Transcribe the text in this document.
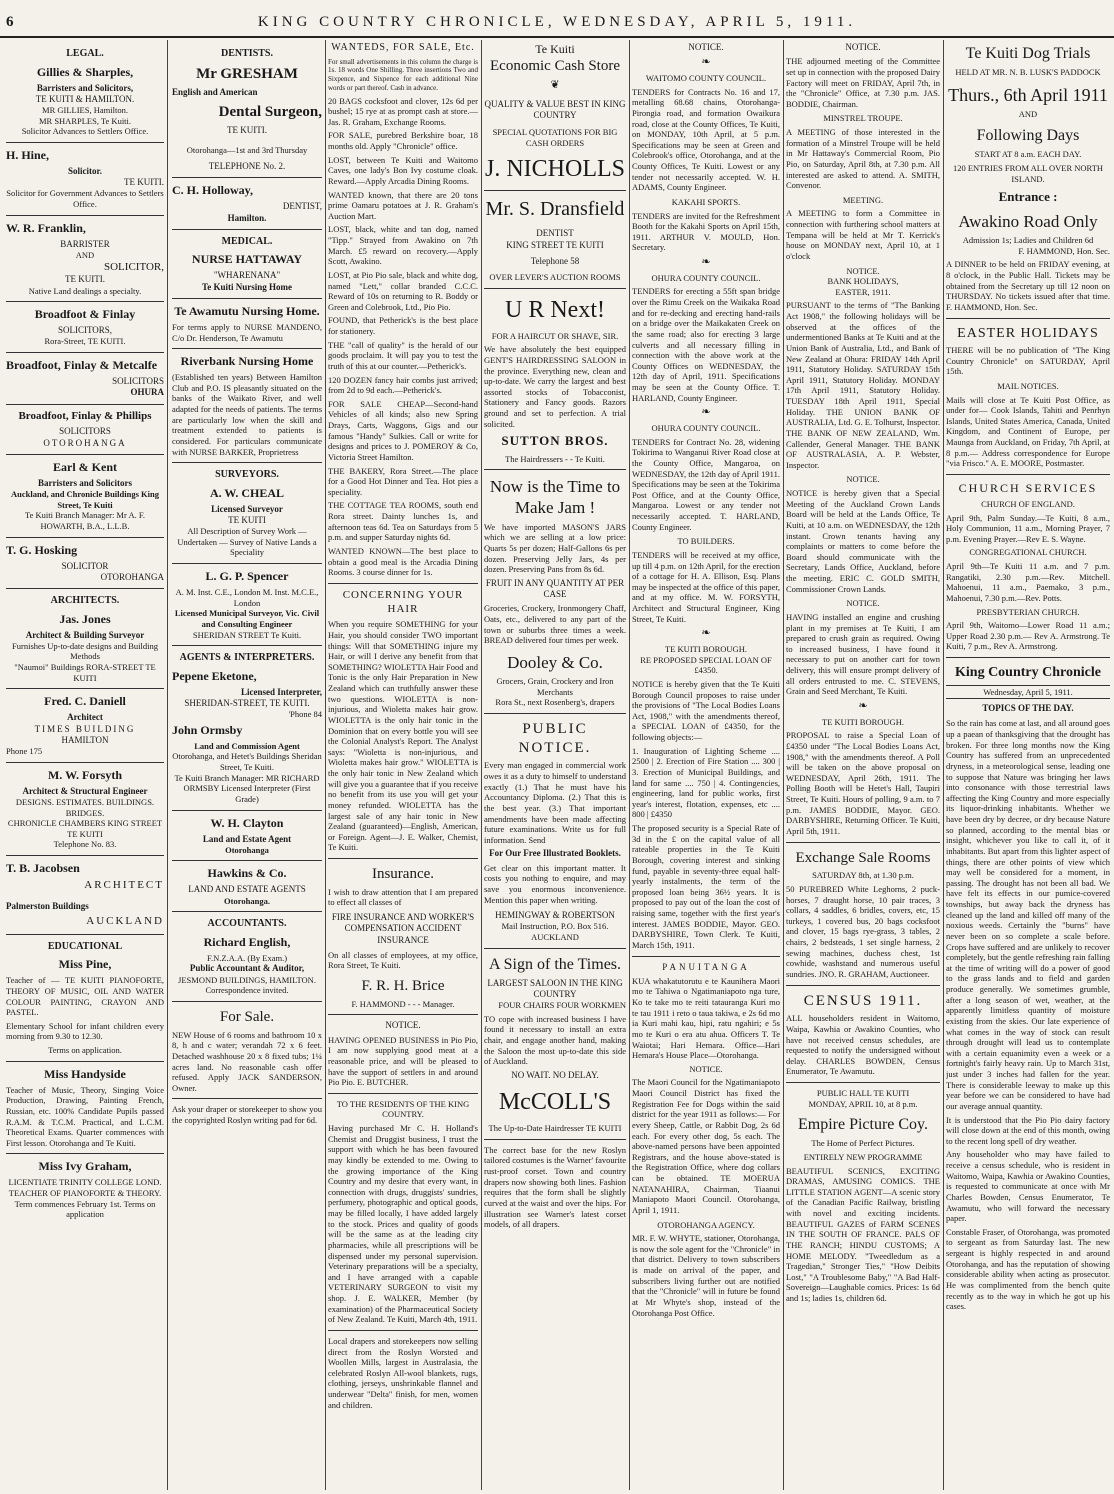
6	KING COUNTRY CHRONICLE, WEDNESDAY, APRIL 5, 1911.
LEGAL.
Gillies & Sharples,
Barristers and Solicitors,
TE KUITI & HAMILTON.
MR GILLIES, Hamilton.
MR SHARPLES, Te Kuiti.
Solicitor Advances to Settlers Office.
H. Hine,
Solicitor.
TE KUITI.
Solicitor for Government Advances to Settlers Office.
W. R. Franklin,
BARRISTER
AND
SOLICITOR,
TE KUITI.
Native Land dealings a specialty.
Broadfoot & Finlay
SOLICITORS,
Rora-Street, TE KUITI.
Broadfoot, Finlay & Metcalfe
SOLICITORS
OHURA
Broadfoot, Finlay & Phillips
SOLICITORS
OTOROHANGA
Earl & Kent
Barristers and Solicitors
Auckland, and Chronicle Buildings King Street, Te Kuiti
Te Kuiti Branch Manager: Mr A. F. HOWARTH, B.A., L.L.B.
T. G. Hosking
SOLICITOR
OTOROHANGA
ARCHITECTS.
Jas. Jones
Architect & Building Surveyor
Furnishes Up-to-date designs and Building Methods
"Naumoi" Buildings RORA-STREET TE KUITI
Fred. C. Daniell
Architect
TIMES BUILDING
HAMILTON
Phone 175
M. W. Forsyth
Architect & Structural Engineer
DESIGNS. ESTIMATES. BUILDINGS. BRIDGES.
CHRONICLE CHAMBERS KING STREET TE KUITI
Telephone No. 83.
T. B. Jacobsen
ARCHITECT
Palmerston Buildings
AUCKLAND
EDUCATIONAL
Miss Pine,
Teacher of — TE KUITI PIANOFORTE, THEORY OF MUSIC, OIL AND WATER COLOUR PAINTING, CRAYON AND PASTEL.
Elementary School for infant children every morning from 9.30 to 12.30.
Terms on application.
Miss Handyside
Teacher of Music, Theory, Singing Voice Production, Drawing, Painting French, Russian, etc. 100% Candidate Pupils passed R.A.M. & T.C.M. Practical, and L.C.M. Theoretical Exams. Quarter commences with First lesson. Otorohanga and Te Kuiti.
Miss Ivy Graham,
LICENTIATE TRINITY COLLEGE LOND. TEACHER OF PIANOFORTE & THEORY.
Term commences February 1st. Terms on application
DENTISTS.
Mr GRESHAM
English and American
Dental Surgeon,
TE KUITI.
Otorohanga—1st and 3rd Thursday
TELEPHONE No. 2.
C. H. Holloway,
DENTIST,
Hamilton.
MEDICAL.
NURSE HATTAWAY
"WHARENANA"
Te Kuiti Nursing Home
Te Awamutu Nursing Home.
For terms apply to NURSE MANDENO, C/o Dr. Henderson, Te Awamutu
Riverbank Nursing Home
(Established ten years) Between Hamilton Club and P.O. IS pleasantly situated on the banks of the Waikato River, and well adapted for the needs of patients. The terms are particularly low when the skill and treatment extended to patients is considered. For particulars communicate with NURSE BARKER, Proprietress
SURVEYORS.
A. W. CHEAL
Licensed Surveyor
TE KUITI
All Description of Survey Work — Undertaken — Survey of Native Lands a Speciality
L. G. P. Spencer
A. M. Inst. C.E., London M. Inst. M.C.E., London
Licensed Municipal Surveyor, Vic. Civil and Consulting Engineer
SHERIDAN STREET Te Kuiti.
AGENTS & INTERPRETERS.
Pepene Eketone,
Licensed Interpreter,
SHERIDAN-STREET, TE KUITI.
'Phone 84
John Ormsby
Land and Commission Agent
Otorohanga, and Hetet's Buildings Sheridan Street, Te Kuiti.
Te Kuiti Branch Manager: MR RICHARD ORMSBY Licensed Interpreter (First Grade)
W. H. Clayton
Land and Estate Agent
Otorohanga
Hawkins & Co.
LAND AND ESTATE AGENTS
Otorohanga.
ACCOUNTANTS.
Richard English,
F.N.Z.A.A. (By Exam.)
Public Accountant & Auditor,
JESMOND BUILDINGS, HAMILTON. Correspondence invited.
For Sale.
NEW House of 6 rooms and bathroom 10 x 8, h and c water; verandah 72 x 6 feet. Detached washhouse 20 x 8 fixed tubs; 1¼ acres land. No reasonable cash offer refused. Apply JACK SANDERSON, Owner.
Ask your draper or storekeeper to show you the copyrighted Roslyn writing pad for 6d.
WANTEDS, FOR SALE, Etc.
For small advertisements in this column the charge is 1s. 18 words One Shilling. Three insertions Two and Sixpence, and Sixpence for each additional Nine words or part thereof. Cash in advance.
20 BAGS cocksfoot and clover, 12s 6d per bushel; 15 rye at as prompt cash at store.—Jas. R. Graham, Exchange Rooms.
FOR SALE, purebred Berkshire boar, 18 months old. Apply "Chronicle" office.
LOST, between Te Kuiti and Waitomo Caves, one lady's Bon Ivy costume cloak. Reward.—Apply Arcadia Dining Rooms.
WANTED known, that there are 20 tons prime Oamaru potatoes at J. R. Graham's Auction Mart.
LOST, black, white and tan dog, named "Tipp." Strayed from Awakino on 7th March. £5 reward on recovery.—Apply Scott, Awakino.
LOST, at Pio Pio sale, black and white dog, named "Lett," collar branded C.C.C. Reward of 10s on returning to R. Boddy or Green and Colebrook, Ltd., Pio Pio.
FOUND, that Petherick's is the best place for stationery.
THE "call of quality" is the herald of our goods proclaim. It will pay you to test the truth of this at our counter.—Petherick's.
120 DOZEN fancy hair combs just arrived; from 2d to 9d each.—Petherick's.
FOR SALE CHEAP—Second-hand Vehicles of all kinds; also new Spring Drays, Carts, Waggons, Gigs and our famous "Handy" Sulkies. Call or write for designs and prices to J. POMEROY & Co, Victoria Street Hamilton.
THE BAKERY, Rora Street.—The place for a Good Hot Dinner and Tea. Hot pies a speciality.
THE COTTAGE TEA ROOMS, south end Rora street. Dainty lunches 1s, and afternoon teas 6d. Tea on Saturdays from 5 p.m. and supper Saturday nights 6d.
WANTED KNOWN—The best place to obtain a good meal is the Arcadia Dining Rooms. 3 course dinner for 1s.
CONCERNING YOUR HAIR
When you require SOMETHING for your Hair, you should consider TWO important things: Will that SOMETHING injure my Hair, or will I derive any benefit from that SOMETHING? WIOLETTA Hair Food and Tonic is the only Hair Preparation in New Zealand which can truthfully answer these two questions. WIOLETTA is non-injurious, and Wioletta makes hair grow. WIOLETTA is the only hair tonic in the Dominion that on every bottle you will see the Colonial Analyst's Report. The Analyst says: "Wioletta is non-injurious, and Wioletta makes hair grow." WIOLETTA is the only hair tonic in New Zealand which will give you a guarantee that if you receive no benefit from its use you will get your money refunded. WIOLETTA has the largest sale of any hair tonic in New Zealand (guaranteed)—English, American, or Foreign. Agent—J. E. Walker, Chemist, Te Kuiti.
Insurance.
I wish to draw attention that I am prepared to effect all classes of
FIRE INSURANCE AND WORKER'S COMPENSATION ACCIDENT INSURANCE
On all classes of employees, at my office, Rora Street, Te Kuiti.
F. R. H. Brice
F. HAMMOND - - - Manager.
NOTICE.
HAVING OPENED BUSINESS in Pio Pio, I am now supplying good meat at a reasonable price, and will be pleased to have the support of settlers in and around Pio Pio. E. BUTCHER.
TO THE RESIDENTS OF THE KING COUNTRY.
Having purchased Mr C. H. Holland's Chemist and Druggist business, I trust the support with which he has been favoured may kindly be extended to me. Owing to the growing importance of the King Country and my desire that every want, in connection with drugs, druggists' sundries, perfumery, photographic and optical goods, may be filled locally, I have added largely to the stock. Prices and quality of goods will be the same as at the leading city pharmacies, while all prescriptions will be dispensed under my personal supervision. Veterinary preparations will be a specialty, and I have arranged with a capable VETERINARY SURGEON to visit my shop. J. E. WALKER, Member (by examination) of the Pharmaceutical Society of New Zealand. Te Kuiti, March 4th, 1911.
Local drapers and storekeepers now selling direct from the Roslyn Worsted and Woollen Mills, largest in Australasia, the celebrated Roslyn All-wool blankets, rugs, clothing, jerseys, unshrinkable flannel and underwear "Delta" finish, for men, women and children.
Te Kuiti
Economic Cash Store
❦
QUALITY & VALUE BEST IN KING COUNTRY
SPECIAL QUOTATIONS FOR BIG CASH ORDERS
J. NICHOLLS
Mr. S. Dransfield
DENTIST
KING STREET TE KUITI
Telephone 58
OVER LEVER'S AUCTION ROOMS
U R Next!
FOR A HAIRCUT OR SHAVE, SIR.
We have absolutely the best equipped GENT'S HAIRDRESSING SALOON in the province. Everything new, clean and up-to-date. We carry the largest and best assorted stocks of Tobacconist, Stationery and Fancy goods. Razors ground and set to perfection. A trial solicited.
SUTTON BROS.
The Hairdressers - - Te Kuiti.
Now is the Time to Make Jam !
We have imported MASON'S JARS which we are selling at a low price: Quarts 5s per dozen; Half-Gallons 6s per dozen. Preserving Jelly Jars, 4s per dozen. Preserving Pans from 8s 6d.
FRUIT IN ANY QUANTITY AT PER CASE
Groceries, Crockery, Ironmongery Chaff, Oats, etc., delivered to any part of the town or suburbs three times a week. BREAD delivered four times per week.
Dooley & Co.
Grocers, Grain, Crockery and Iron Merchants
Rora St., next Rosenberg's, drapers
PUBLIC NOTICE.
Every man engaged in commercial work owes it as a duty to himself to understand exactly (1.) That he must have his Accountancy Diploma. (2.) That this is the best year. (3.) That important amendments have been made affecting future examinations. Write us for full information. Send
For Our Free Illustrated Booklets.
Get clear on this important matter. It costs you nothing to enquire, and may save you enormous inconvenience. Mention this paper when writing.
HEMINGWAY & ROBERTSON
Mail Instruction, P.O. Box 516. AUCKLAND
A Sign of the Times.
LARGEST SALOON IN THE KING COUNTRY
FOUR CHAIRS FOUR WORKMEN
TO cope with increased business I have found it necessary to install an extra chair, and engage another hand, making the Saloon the most up-to-date this side of Auckland.
NO WAIT. NO DELAY.
McCOLL'S
The Up-to-Date Hairdresser TE KUITI
The correct base for the new Roslyn tailored costumes is the Warner' favourite rust-proof corset. Town and country drapers now showing both lines. Fashion requires that the form shall be slightly curved at the waist and over the hips. For illustration see Warner's latest corset models, of all drapers.
NOTICE.
❧
WAITOMO COUNTY COUNCIL.
TENDERS for Contracts No. 16 and 17, metalling 68.68 chains, Otorohanga-Pirongia road, and formation Owaikura road, close at the County Offices, Te Kuiti, on MONDAY, 10th April, at 5 p.m. Specifications may be seen at Green and Colebrook's office, Otorohanga, and at the County Offices, Te Kuiti. Lowest or any tender not necessarily accepted. W. H. ADAMS, County Engineer.
KAKAHI SPORTS.
TENDERS are invited for the Refreshment Booth for the Kakahi Sports on April 15th, 1911. ARTHUR V. MOULD, Hon. Secretary.
❧
OHURA COUNTY COUNCIL.
TENDERS for erecting a 55ft span bridge over the Rimu Creek on the Waikaka Road and for re-decking and erecting hand-rails on a bridge over the Maikakaten Creek on the same road; also for erecting 3 large culverts and all necessary filling in connection with the above work at the County Offices on WEDNESDAY, the 12th day of April, 1911. Specifications may be seen at the County Office. T. HARLAND, County Engineer.
❧
OHURA COUNTY COUNCIL.
TENDERS for Contract No. 28, widening Tokirima to Wanganui River Road close at the County Office, Mangaroa, on WEDNESDAY, the 12th day of April 1911. Specifications may be seen at the Tokirima Post Office, and at the County Office, Mangaroa. Lowest or any tender not necessarily accepted. T. HARLAND, County Engineer.
TO BUILDERS.
TENDERS will be received at my office, up till 4 p.m. on 12th April, for the erection of a cottage for H. A. Ellison, Esq. Plans may be inspected at the office of this paper, and at my office. M. W. FORSYTH, Architect and Structural Engineer, King Street, Te Kuiti.
❧
TE KUITI BOROUGH.
RE PROPOSED SPECIAL LOAN OF £4350.
NOTICE is hereby given that the Te Kuiti Borough Council proposes to raise under the provisions of "The Local Bodies Loans Act, 1908," with the amendments thereof, a SPECIAL LOAN of £4350, for the following objects:—
1. Inauguration of Lighting Scheme .... 2500 | 2. Erection of Fire Station .... 300 | 3. Erection of Municipal Buildings, and land for same .... 750 | 4. Contingencies, engineering, land for public works, first year's interest, flotation, expenses, etc .... 800 | £4350
The proposed security is a Special Rate of 3d in the £ on the capital value of all rateable properties in the Te Kuiti Borough, covering interest and sinking fund, payable in seventy-three equal half-yearly instalments, the term of the proposed loan being 36½ years. It is proposed to pay out of the loan the cost of raising same, together with the first year's interest. JAMES BODDIE, Mayor. GEO. DARBYSHIRE, Town Clerk. Te Kuiti, March 15th, 1911.
PANUITANGA
KUA whakatutorutu e te Kaunihera Maori mo te Tahiwa o Ngatimaniapoto nga ture, Ko te take mo te reiti tatauranga Kuri mo te tau 1911 i reto o taua takiwa, e 2s 6d mo ia Kuri mahi kau, hipi, ratu ngahiri; e 5s mo te Kuri o era atu ahua. Officers T. Te Waiotai; Hari Hemara. Office—Hari Hemara's House Place—Otorohanga.
NOTICE.
The Maori Council for the Ngatimaniapoto Maori Council District has fixed the Registration Fee for Dogs within the said district for the year 1911 as follows:— For every Sheep, Cattle, or Rabbit Dog, 2s 6d each. For every other dog, 5s each. The above-named persons have been appointed Registrars, and the house above-stated is the Registration Office, where dog collars can be obtained. TE MOERUA NATANAHIRA, Chairman, Tiaanui Maniapoto Maori Council. Otorohanga, April 1, 1911.
OTOROHANGA AGENCY.
MR. F. W. WHYTE, stationer, Otorohanga, is now the sole agent for the "Chronicle" in that district. Delivery to town subscribers is made on arrival of the paper, and subscribers living further out are notified that the "Chronicle" will in future be found at Mr Whyte's shop, instead of the Otorohanga Post Office.
NOTICE.
THE adjourned meeting of the Committee set up in connection with the proposed Dairy Factory will meet on FRIDAY, April 7th, in the "Chronicle" Office, at 7.30 p.m. JAS. BODDIE, Chairman.
MINSTREL TROUPE.
A MEETING of those interested in the formation of a Minstrel Troupe will be held in Mr Hattaway's Commercial Room, Pio Pio, on Saturday, April 8th, at 7.30 p.m. All interested are asked to attend. A. SMITH, Convenor.
MEETING.
A MEETING to form a Committee in connection with furthering school matters at Tempana will be held at Mr T. Kerrick's house on MONDAY next, April 10, at 1 o'clock
NOTICE.
BANK HOLIDAYS,
EASTER, 1911.
PURSUANT to the terms of "The Banking Act 1908," the following holidays will be observed at the offices of the undermentioned Banks at Te Kuiti and at the Union Bank of Australia, Ltd., and Bank of New Zealand at Ohura: FRIDAY 14th April 1911, Statutory Holiday. SATURDAY 15th April 1911, Statutory Holiday. MONDAY 17th April 1911, Statutory Holiday. TUESDAY 18th April 1911, Special Holiday. THE UNION BANK OF AUSTRALIA, Ltd. G. E. Tolhurst, Inspector. THE BANK OF NEW ZEALAND, Wm. Callender, General Manager. THE BANK OF AUSTRALASIA, A. P. Webster, Inspector.
NOTICE.
NOTICE is hereby given that a Special Meeting of the Auckland Crown Lands Board will be held at the Lands Office, Te Kuiti, at 10 a.m. on WEDNESDAY, the 12th instant. Crown tenants having any complaints or matters to come before the Board should communicate with the Secretary, Lands Office, Auckland, before the meeting. ERIC C. GOLD SMITH, Commissioner Crown Lands.
NOTICE.
HAVING installed an engine and crushing plant in my premises at Te Kuiti, I am prepared to crush grain as required. Owing to increased business, I have found it necessary to put on another cart for town delivery, this will ensure prompt delivery of all orders entrusted to me. C. STEVENS, Grain and Seed Merchant, Te Kuiti.
❧
TE KUITI BOROUGH.
PROPOSAL to raise a Special Loan of £4350 under "The Local Bodies Loans Act, 1908," with the amendments thereof. A Poll will be taken on the above proposal on WEDNESDAY, April 26th, 1911. The Polling Booth will be Hetet's Hall, Taupiri Street, Te Kuiti. Hours of polling, 9 a.m. to 7 p.m. JAMES BODDIE, Mayor. GEO. DARBYSHIRE, Returning Officer. Te Kuiti, April 5th, 1911.
Exchange Sale Rooms
SATURDAY 8th, at 1.30 p.m.
50 PUREBRED White Leghorns, 2 puck-horses, 7 draught horse, 10 pair traces, 3 collars, 4 saddles, 6 bridles, covers, etc, 15 turkeys, 1 covered bus, 20 bags cocksfoot and clover, 15 bags rye-grass, 3 tables, 2 chairs, 2 bedsteads, 1 set single harness, 2 sewing machines, duchess chest, 1st cowhide, washstand and numerous useful sundries. JNO. R. GRAHAM, Auctioneer.
CENSUS 1911.
ALL householders resident in Waitomo, Waipa, Kawhia or Awakino Counties, who have not received census schedules, are requested to notify the undersigned without delay. CHARLES BOWDEN, Census Enumerator, Te Awamutu.
PUBLIC HALL TE KUITI
MONDAY, APRIL 10, at 8 p.m.
Empire Picture Coy.
The Home of Perfect Pictures.
ENTIRELY NEW PROGRAMME
BEAUTIFUL SCENICS, EXCITING DRAMAS, AMUSING COMICS. THE LITTLE STATION AGENT—A scenic story of the Canadian Pacific Railway, bristling with novel and exciting incidents. BEAUTIFUL GAZES of FARM SCENES IN THE SOUTH OF FRANCE. PALS OF THE RANCH; HINDU CUSTOMS; A HOME MELODY. "Tweedledum as a Tragedian," Stronger Ties," "How Deibits Lost," "A Troublesome Baby," "A Bad Half-Sovereign—Laughable comics. Prices: 1s 6d and 1s; ladies 1s, children 6d.
Te Kuiti Dog Trials
HELD AT MR. N. B. LUSK'S PADDOCK
Thurs., 6th April 1911
AND
Following Days
START AT 8 a.m. EACH DAY.
120 ENTRIES FROM ALL OVER NORTH ISLAND.
Entrance :
Awakino Road Only
Admission 1s; Ladies and Children 6d
F. HAMMOND, Hon. Sec.
A DINNER to be held on FRIDAY evening, at 8 o'clock, in the Public Hall. Tickets may be obtained from the Secretary up till 12 noon on THURSDAY. No tickets issued after that time. F. HAMMOND, Hon. Sec.
EASTER HOLIDAYS
THERE will be no publication of "The King Country Chronicle" on SATURDAY, April 15th.
MAIL NOTICES.
Mails will close at Te Kuiti Post Office, as under for— Cook Islands, Tahiti and Penrhyn Islands, United States America, Canada, United Kingdom, and Continent of Europe, per Maunga from Auckland, on Friday, 7th April, at 8 p.m.— Address correspondence for Europe "via Frisco." A. E. MOORE, Postmaster.
CHURCH SERVICES
CHURCH OF ENGLAND.
April 9th, Palm Sunday.—Te Kuiti, 8 a.m., Holy Communion, 11 a.m., Morning Prayer, 7 p.m. Evening Prayer.—Rev E. S. Wayne.
CONGREGATIONAL CHURCH.
April 9th—Te Kuiti 11 a.m. and 7 p.m. Rangatiki, 2.30 p.m.—Rev. Mitchell. Mahoenui, 11 a.m., Paemako, 3 p.m., Mahoenui, 7.30 p.m.—Rev. Potts.
PRESBYTERIAN CHURCH.
April 9th, Waitomo—Lower Road 11 a.m.; Upper Road 2.30 p.m.— Rev A. Armstrong. Te Kuiti, 7 p.m., Rev A. Armstrong.
King Country Chronicle
Wednesday, April 5, 1911.
TOPICS OF THE DAY.
So the rain has come at last, and all around goes up a paean of thanksgiving that the drought has broken. For three long months now the King Country has suffered from an unprecedented dryness, in a meteorological sense, leading one to suppose that Nature was bringing her laws into consonance with those terrestrial laws affecting the King Country and more especially its liquor-drinking inhabitants. Whether we have been dry by decree, or dry because Nature so planned, according to the mental bias or insight, whichever you like to call it, of it inhabitants. But apart from this lighter aspect of things, there are other points of view which may well be considered for a moment, in passing. The drought has not been all bad. We have felt its effects in our pumice-covered townships, but away back the dryness has cleaned up the land and killed off many of the noxious weeds. Certainly the "burns" have never been on so complete a scale before. Crops have suffered and are unlikely to recover completely, but the gentle refreshing rain falling at the time of writing will do a power of good to the grass lands and to field and garden produce generally. We sometimes grumble, after a long season of wet, weather, at the apparently limitless quantity of moisture existing from the skies. Our late experience of what comes in the way of stock can result through drought will lead us to contemplate with a certain equanimity even a week or a fortnight's fairly heavy rain. Up to March 31st, just under 3 inches had fallen for the year. There is considerable leeway to make up this year before we can be considered to have had our average annual quantity.
It is understood that the Pio Pio dairy factory will close down at the end of this month, owing to the recent long spell of dry weather.
Any householder who may have failed to receive a census schedule, who is resident in Waitomo, Waipa, Kawhia or Awakino Counties, is requested to communicate at once with Mr Charles Bowden, Census Enumerator, Te Awamutu, who will forward the necessary paper.
Constable Fraser, of Otorohanga, was promoted to sergeant as from Saturday last. The new sergeant is highly respected in and around Otorohanga, and has the reputation of showing considerable ability when acting as prosecutor. He was complimented from the bench quite recently as to the way in which he got up his cases.
